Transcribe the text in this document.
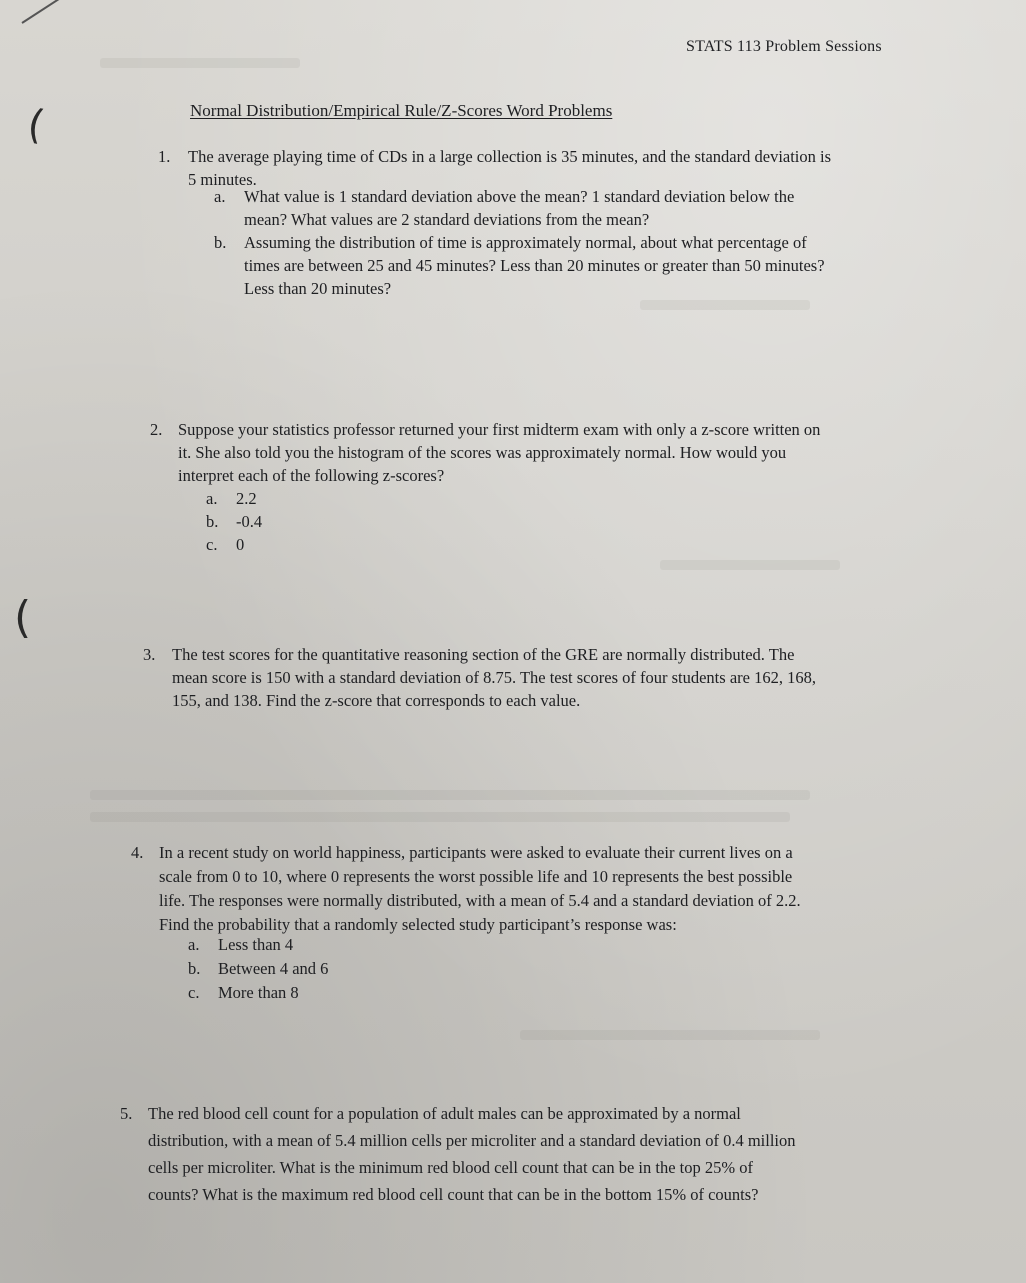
(
(
STATS 113 Problem Sessions
Normal Distribution/Empirical Rule/Z-Scores Word Problems
1. The average playing time of CDs in a large collection is 35 minutes, and the standard deviation is
5 minutes.
a. What value is 1 standard deviation above the mean? 1 standard deviation below the
mean? What values are 2 standard deviations from the mean?
b. Assuming the distribution of time is approximately normal, about what percentage of
times are between 25 and 45 minutes? Less than 20 minutes or greater than 50 minutes?
Less than 20 minutes?
2. Suppose your statistics professor returned your first midterm exam with only a z-score written on
it. She also told you the histogram of the scores was approximately normal. How would you
interpret each of the following z-scores?
a. 2.2
b. -0.4
c. 0
3. The test scores for the quantitative reasoning section of the GRE are normally distributed. The
mean score is 150 with a standard deviation of 8.75. The test scores of four students are 162, 168,
155, and 138. Find the z-score that corresponds to each value.
4. In a recent study on world happiness, participants were asked to evaluate their current lives on a
scale from 0 to 10, where 0 represents the worst possible life and 10 represents the best possible
life. The responses were normally distributed, with a mean of 5.4 and a standard deviation of 2.2.
Find the probability that a randomly selected study participant’s response was:
a. Less than 4
b. Between 4 and 6
c. More than 8
5. The red blood cell count for a population of adult males can be approximated by a normal
distribution, with a mean of 5.4 million cells per microliter and a standard deviation of 0.4 million
cells per microliter. What is the minimum red blood cell count that can be in the top 25% of
counts? What is the maximum red blood cell count that can be in the bottom 15% of counts?
